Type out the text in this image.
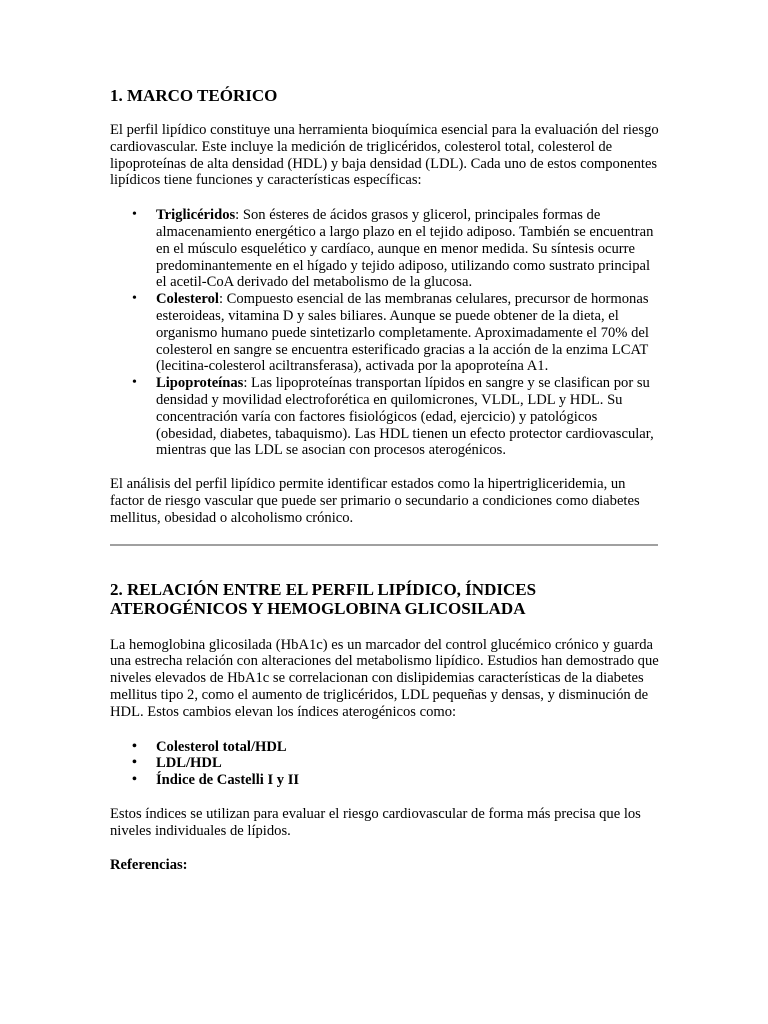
1. MARCO TEÓRICO

El perfil lipídico constituye una herramienta bioquímica esencial para la evaluación del riesgo cardiovascular. Este incluye la medición de triglicéridos, colesterol total, colesterol de lipoproteínas de alta densidad (HDL) y baja densidad (LDL). Cada uno de estos componentes lipídicos tiene funciones y características específicas:

• Triglicéridos: Son ésteres de ácidos grasos y glicerol, principales formas de almacenamiento energético a largo plazo en el tejido adiposo. También se encuentran en el músculo esquelético y cardíaco, aunque en menor medida. Su síntesis ocurre predominantemente en el hígado y tejido adiposo, utilizando como sustrato principal el acetil-CoA derivado del metabolismo de la glucosa.
• Colesterol: Compuesto esencial de las membranas celulares, precursor de hormonas esteroideas, vitamina D y sales biliares. Aunque se puede obtener de la dieta, el organismo humano puede sintetizarlo completamente. Aproximadamente el 70% del colesterol en sangre se encuentra esterificado gracias a la acción de la enzima LCAT (lecitina-colesterol aciltransferasa), activada por la apoproteína A1.
• Lipoproteínas: Las lipoproteínas transportan lípidos en sangre y se clasifican por su densidad y movilidad electroforética en quilomicrones, VLDL, LDL y HDL. Su concentración varía con factores fisiológicos (edad, ejercicio) y patológicos (obesidad, diabetes, tabaquismo). Las HDL tienen un efecto protector cardiovascular, mientras que las LDL se asocian con procesos aterogénicos.

El análisis del perfil lipídico permite identificar estados como la hipertrigliceridemia, un factor de riesgo vascular que puede ser primario o secundario a condiciones como diabetes mellitus, obesidad o alcoholismo crónico.

2. RELACIÓN ENTRE EL PERFIL LIPÍDICO, ÍNDICES ATEROGÉNICOS Y HEMOGLOBINA GLICOSILADA

La hemoglobina glicosilada (HbA1c) es un marcador del control glucémico crónico y guarda una estrecha relación con alteraciones del metabolismo lipídico. Estudios han demostrado que niveles elevados de HbA1c se correlacionan con dislipidemias características de la diabetes mellitus tipo 2, como el aumento de triglicéridos, LDL pequeñas y densas, y disminución de HDL. Estos cambios elevan los índices aterogénicos como:

• Colesterol total/HDL
• LDL/HDL
• Índice de Castelli I y II

Estos índices se utilizan para evaluar el riesgo cardiovascular de forma más precisa que los niveles individuales de lípidos.

Referencias:
